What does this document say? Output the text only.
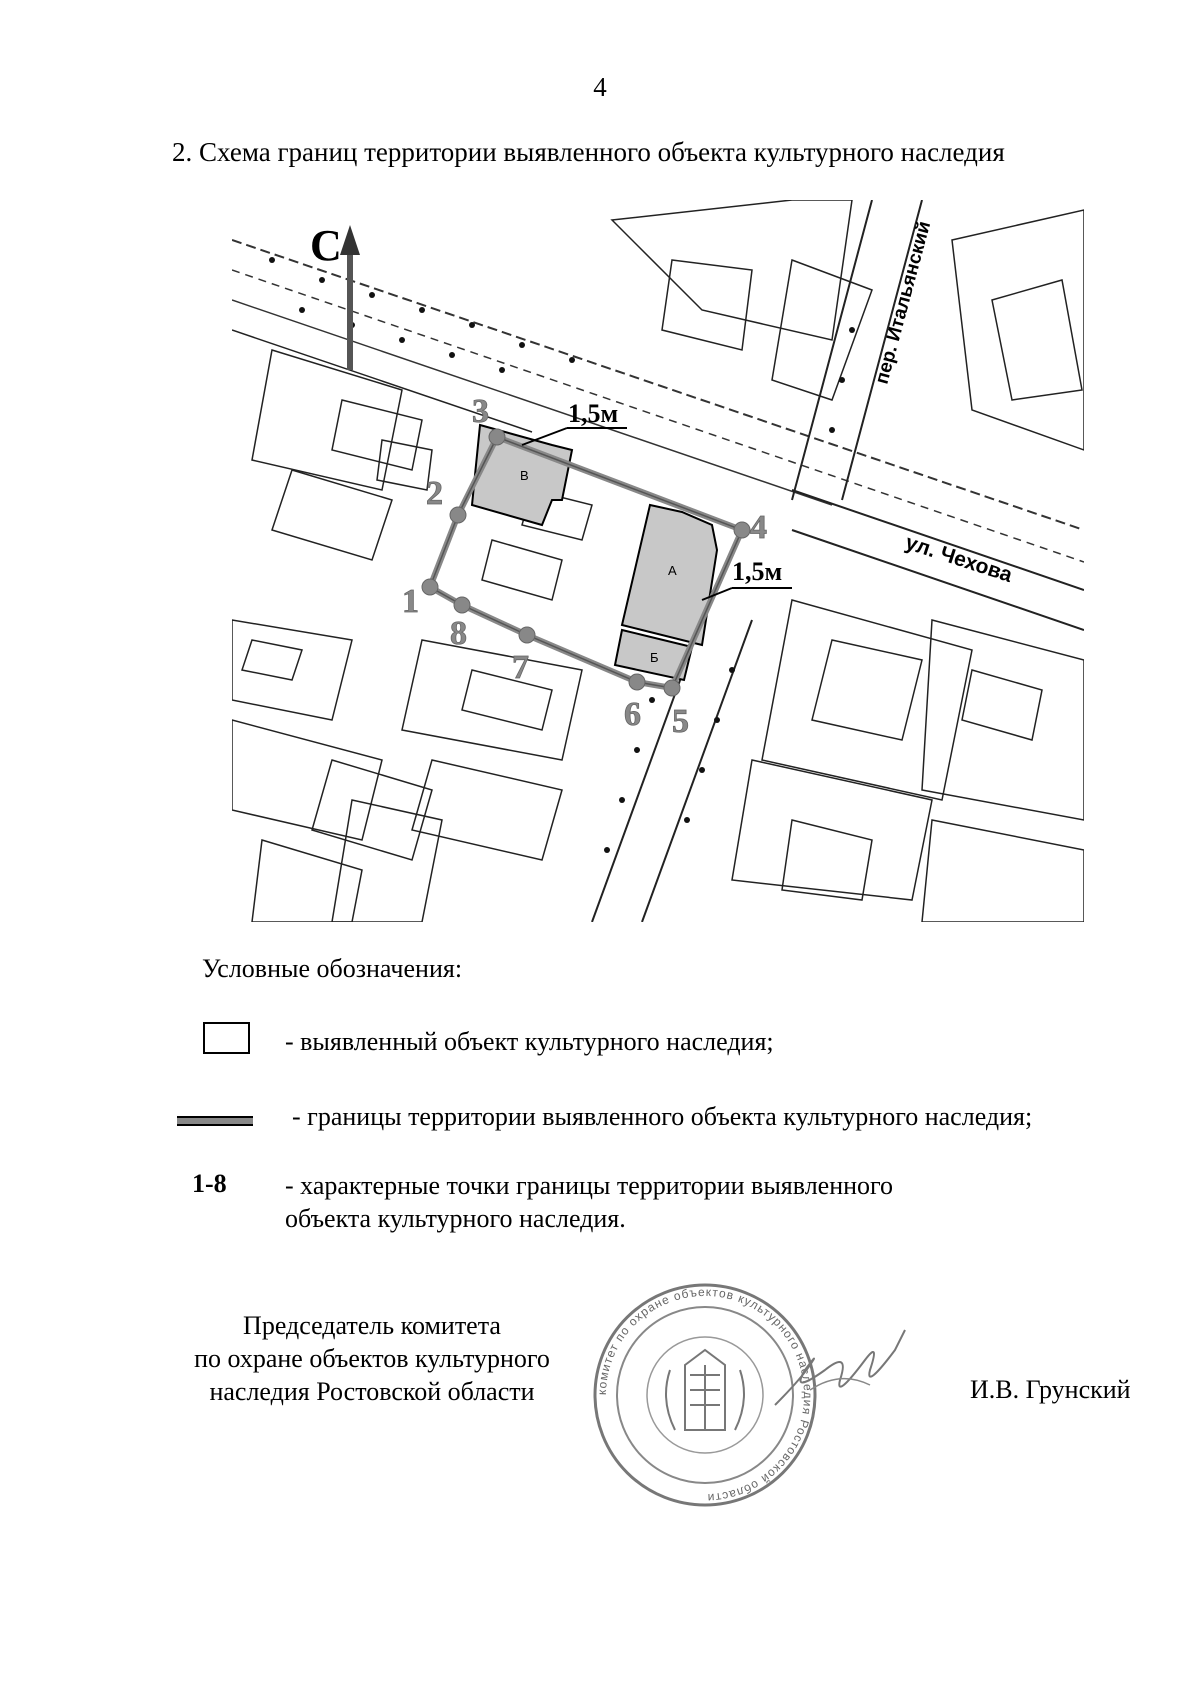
4
2. Схема границ территории выявленного объекта культурного наследия
В
А
Б
1
2
3
4
5
6
7
8
1,5м
1,5м
пер. Итальянский
ул. Чехова
С
Условные обозначения:
- выявленный объект культурного наследия;
- границы территории выявленного объекта культурного наследия;
1-8 - характерные точки границы территории выявленного объекта культурного наследия.
Председатель комитета
по охране объектов культурного
наследия Ростовской области	комитет по охране объектов культурного наследия Ростовской области
И.В. Грунский
